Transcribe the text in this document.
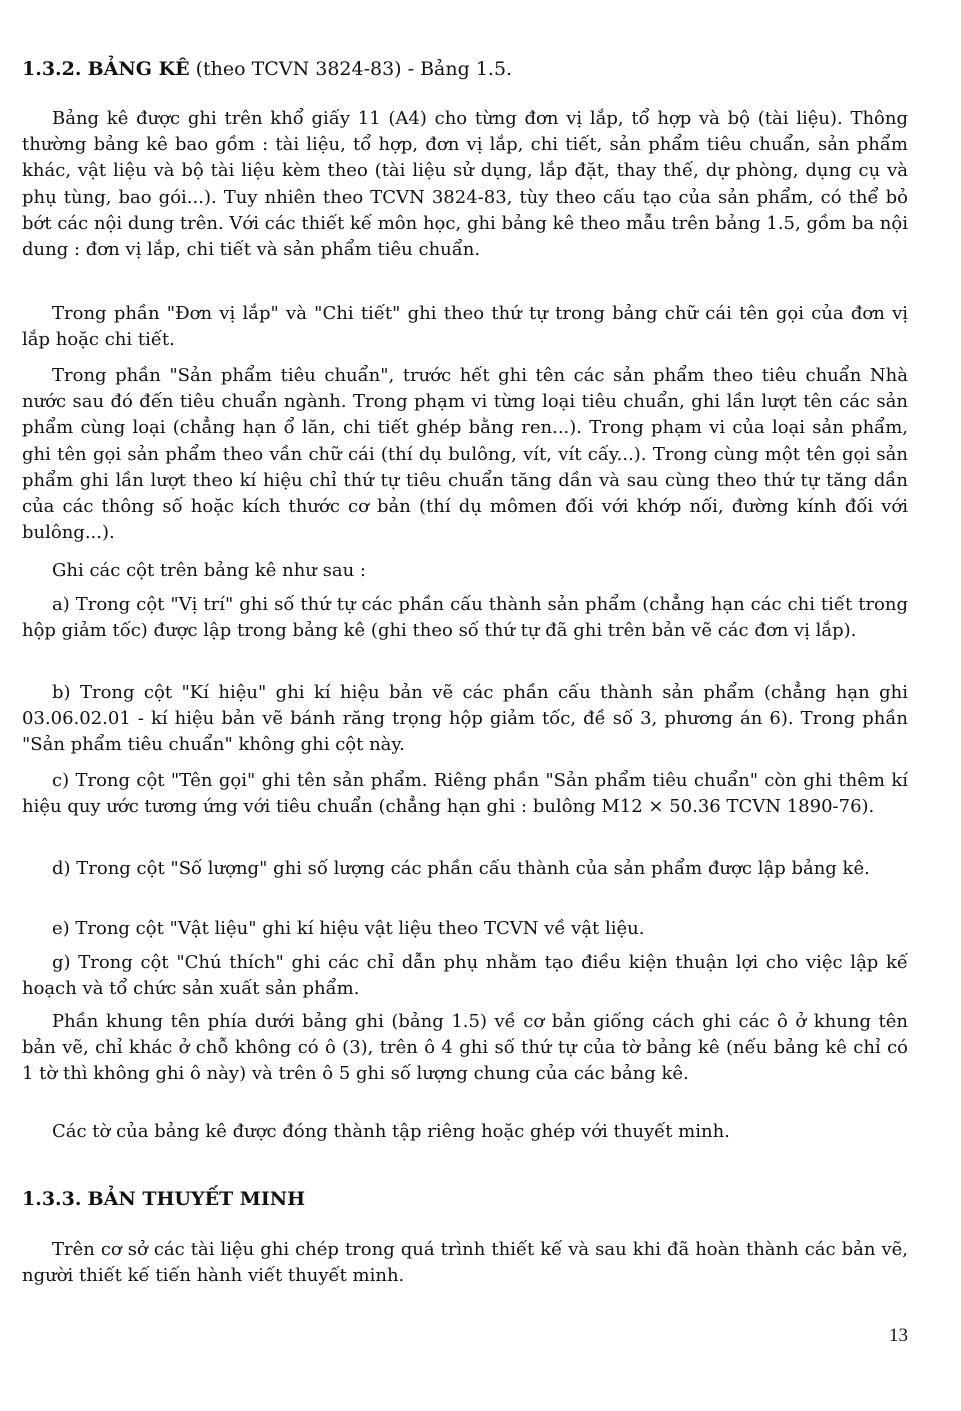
1.3.2. BẢNG KÊ (theo TCVN 3824-83) - Bảng 1.5.

Bảng kê được ghi trên khổ giấy 11 (A4) cho từng đơn vị lắp, tổ hợp và bộ (tài liệu). Thông thường bảng kê bao gồm : tài liệu, tổ hợp, đơn vị lắp, chi tiết, sản phẩm tiêu chuẩn, sản phẩm khác, vật liệu và bộ tài liệu kèm theo (tài liệu sử dụng, lắp đặt, thay thế, dự phòng, dụng cụ và phụ tùng, bao gói...). Tuy nhiên theo TCVN 3824-83, tùy theo cấu tạo của sản phẩm, có thể bỏ bớt các nội dung trên. Với các thiết kế môn học, ghi bảng kê theo mẫu trên bảng 1.5, gồm ba nội dung : đơn vị lắp, chi tiết và sản phẩm tiêu chuẩn.

Trong phần "Đơn vị lắp" và "Chi tiết" ghi theo thứ tự trong bảng chữ cái tên gọi của đơn vị lắp hoặc chi tiết.

Trong phần "Sản phẩm tiêu chuẩn", trước hết ghi tên các sản phẩm theo tiêu chuẩn Nhà nước sau đó đến tiêu chuẩn ngành. Trong phạm vi từng loại tiêu chuẩn, ghi lần lượt tên các sản phẩm cùng loại (chẳng hạn ổ lăn, chi tiết ghép bằng ren...). Trong phạm vi của loại sản phẩm, ghi tên gọi sản phẩm theo vần chữ cái (thí dụ bulông, vít, vít cấy...). Trong cùng một tên gọi sản phẩm ghi lần lượt theo kí hiệu chỉ thứ tự tiêu chuẩn tăng dần và sau cùng theo thứ tự tăng dần của các thông số hoặc kích thước cơ bản (thí dụ mômen đối với khớp nối, đường kính đối với bulông...).

Ghi các cột trên bảng kê như sau :

a) Trong cột "Vị trí" ghi số thứ tự các phần cấu thành sản phẩm (chẳng hạn các chi tiết trong hộp giảm tốc) được lập trong bảng kê (ghi theo số thứ tự đã ghi trên bản vẽ các đơn vị lắp).

b) Trong cột "Kí hiệu" ghi kí hiệu bản vẽ các phần cấu thành sản phẩm (chẳng hạn ghi 03.06.02.01 - kí hiệu bản vẽ bánh răng trọng hộp giảm tốc, đề số 3, phương án 6). Trong phần "Sản phẩm tiêu chuẩn" không ghi cột này.

c) Trong cột "Tên gọi" ghi tên sản phẩm. Riêng phần "Sản phẩm tiêu chuẩn" còn ghi thêm kí hiệu quy ước tương ứng với tiêu chuẩn (chẳng hạn ghi : bulông M12 × 50.36 TCVN 1890-76).

d) Trong cột "Số lượng" ghi số lượng các phần cấu thành của sản phẩm được lập bảng kê.

e) Trong cột "Vật liệu" ghi kí hiệu vật liệu theo TCVN về vật liệu.

g) Trong cột "Chú thích" ghi các chỉ dẫn phụ nhằm tạo điều kiện thuận lợi cho việc lập kế hoạch và tổ chức sản xuất sản phẩm.

Phần khung tên phía dưới bảng ghi (bảng 1.5) về cơ bản giống cách ghi các ô ở khung tên bản vẽ, chỉ khác ở chỗ không có ô (3), trên ô 4 ghi số thứ tự của tờ bảng kê (nếu bảng kê chỉ có 1 tờ thì không ghi ô này) và trên ô 5 ghi số lượng chung của các bảng kê.

Các tờ của bảng kê được đóng thành tập riêng hoặc ghép với thuyết minh.

1.3.3. BẢN THUYẾT MINH

Trên cơ sở các tài liệu ghi chép trong quá trình thiết kế và sau khi đã hoàn thành các bản vẽ, người thiết kế tiến hành viết thuyết minh.

13
